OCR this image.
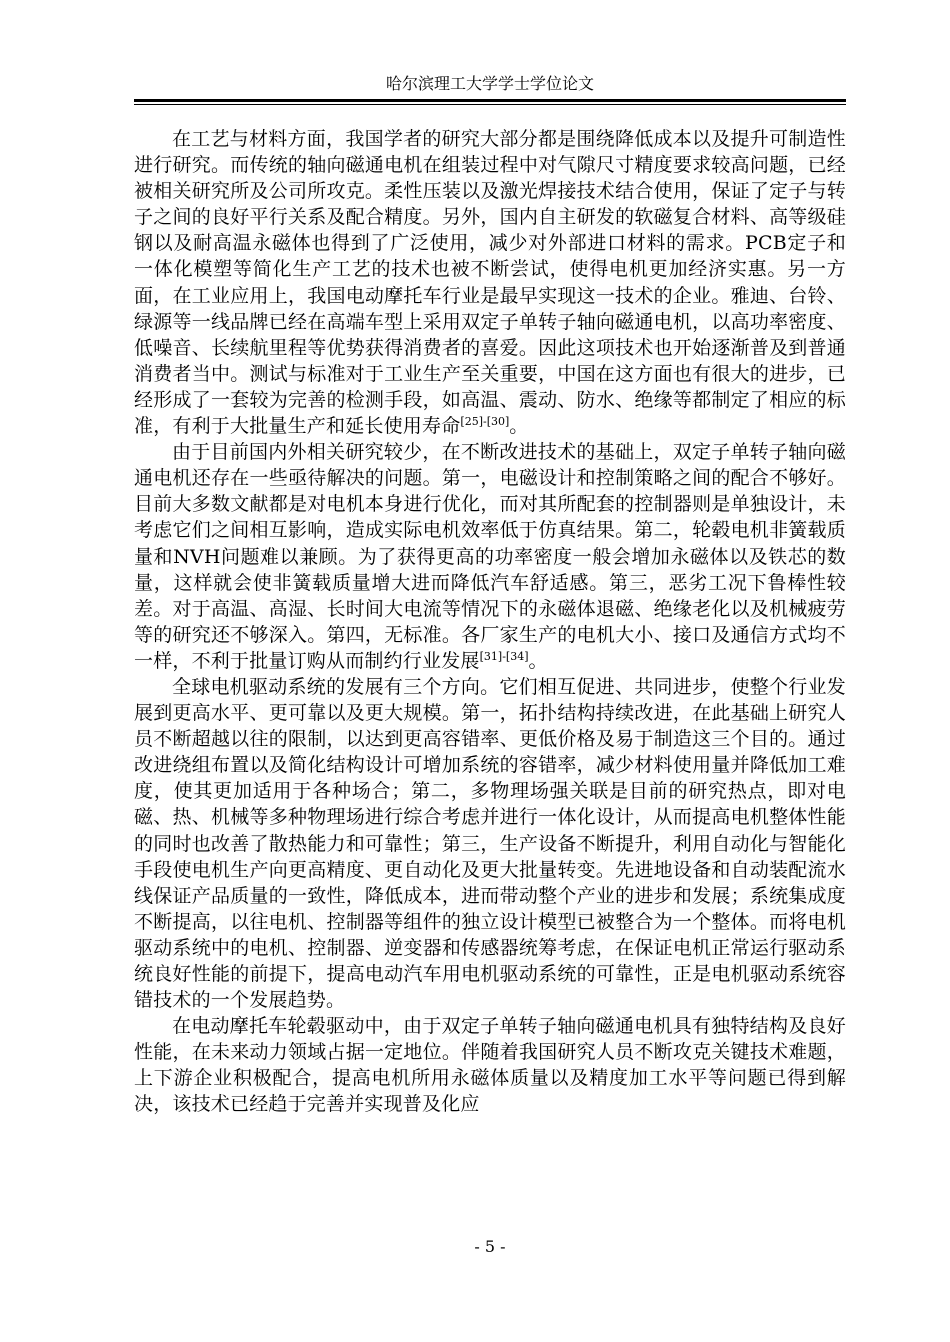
哈尔滨理工大学学士学位论文

在工艺与材料方面，我国学者的研究大部分都是围绕降低成本以及提升可制造性进行研究。而传统的轴向磁通电机在组装过程中对气隙尺寸精度要求较高问题，已经被相关研究所及公司所攻克。柔性压装以及激光焊接技术结合使用，保证了定子与转子之间的良好平行关系及配合精度。另外，国内自主研发的软磁复合材料、高等级硅钢以及耐高温永磁体也得到了广泛使用，减少对外部进口材料的需求。PCB定子和一体化模塑等简化生产工艺的技术也被不断尝试，使得电机更加经济实惠。另一方面，在工业应用上，我国电动摩托车行业是最早实现这一技术的企业。雅迪、台铃、绿源等一线品牌已经在高端车型上采用双定子单转子轴向磁通电机，以高功率密度、低噪音、长续航里程等优势获得消费者的喜爱。因此这项技术也开始逐渐普及到普通消费者当中。测试与标准对于工业生产至关重要，中国在这方面也有很大的进步，已经形成了一套较为完善的检测手段，如高温、震动、防水、绝缘等都制定了相应的标准，有利于大批量生产和延长使用寿命[25]-[30]。

由于目前国内外相关研究较少，在不断改进技术的基础上，双定子单转子轴向磁通电机还存在一些亟待解决的问题。第一，电磁设计和控制策略之间的配合不够好。目前大多数文献都是对电机本身进行优化，而对其所配套的控制器则是单独设计，未考虑它们之间相互影响，造成实际电机效率低于仿真结果。第二，轮毂电机非簧载质量和NVH问题难以兼顾。为了获得更高的功率密度一般会增加永磁体以及铁芯的数量，这样就会使非簧载质量增大进而降低汽车舒适感。第三，恶劣工况下鲁棒性较差。对于高温、高湿、长时间大电流等情况下的永磁体退磁、绝缘老化以及机械疲劳等的研究还不够深入。第四，无标准。各厂家生产的电机大小、接口及通信方式均不一样，不利于批量订购从而制约行业发展[31]-[34]。

全球电机驱动系统的发展有三个方向。它们相互促进、共同进步，使整个行业发展到更高水平、更可靠以及更大规模。第一，拓扑结构持续改进，在此基础上研究人员不断超越以往的限制，以达到更高容错率、更低价格及易于制造这三个目的。通过改进绕组布置以及简化结构设计可增加系统的容错率，减少材料使用量并降低加工难度，使其更加适用于各种场合；第二，多物理场强关联是目前的研究热点，即对电磁、热、机械等多种物理场进行综合考虑并进行一体化设计，从而提高电机整体性能的同时也改善了散热能力和可靠性；第三，生产设备不断提升，利用自动化与智能化手段使电机生产向更高精度、更自动化及更大批量转变。先进地设备和自动装配流水线保证产品质量的一致性，降低成本，进而带动整个产业的进步和发展；系统集成度不断提高，以往电机、控制器等组件的独立设计模型已被整合为一个整体。而将电机驱动系统中的电机、控制器、逆变器和传感器统筹考虑，在保证电机正常运行驱动系统良好性能的前提下，提高电动汽车用电机驱动系统的可靠性，正是电机驱动系统容错技术的一个发展趋势。

在电动摩托车轮毂驱动中，由于双定子单转子轴向磁通电机具有独特结构及良好性能，在未来动力领域占据一定地位。伴随着我国研究人员不断攻克关键技术难题，上下游企业积极配合，提高电机所用永磁体质量以及精度加工水平等问题已得到解决，该技术已经趋于完善并实现普及化应

- 5 -
